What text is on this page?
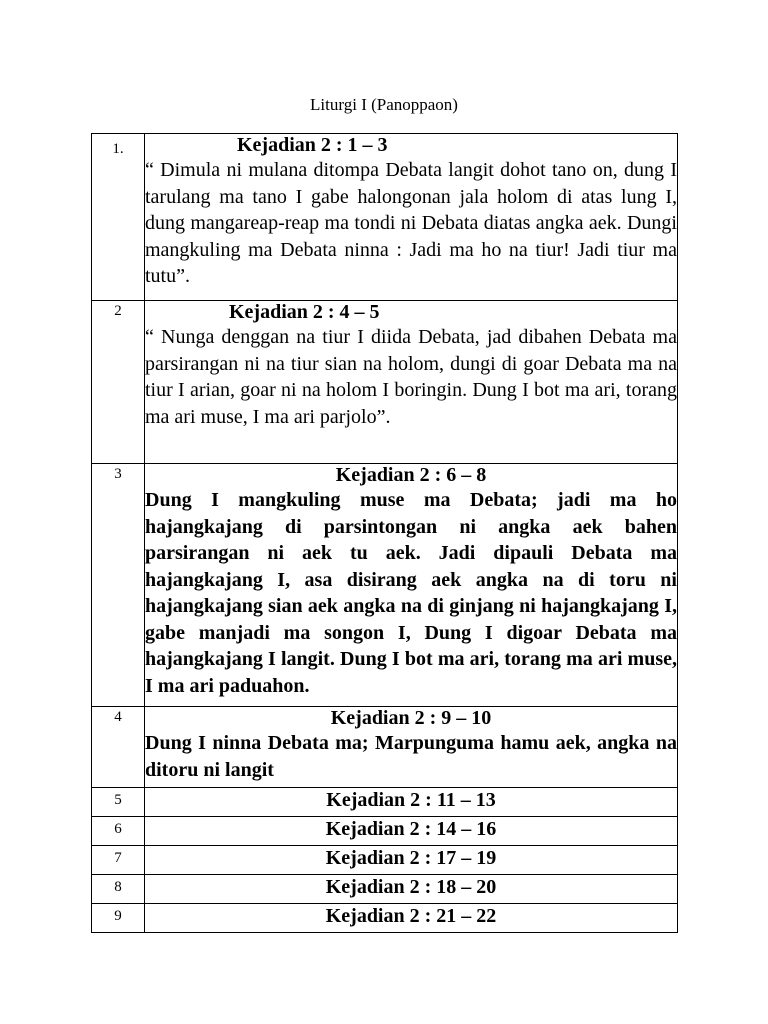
Liturgi I (Panoppaon)
1.	Kejadian 2 : 1 – 3
“ Dimula ni mulana ditompa Debata langit dohot tano on, dung I tarulang ma tano I gabe halongonan jala holom di atas lung I, dung mangareap-reap ma tondi ni Debata diatas angka aek. Dungi mangkuling ma Debata ninna : Jadi ma ho na tiur! Jadi tiur ma tutu”.

2	Kejadian 2 : 4 – 5
“ Nunga denggan na tiur I diida Debata, jad dibahen Debata ma parsirangan ni na tiur sian na holom, dungi di goar Debata ma na tiur I arian, goar ni na holom I boringin. Dung I bot ma ari, torang ma ari muse, I ma ari parjolo”.

3	Kejadian 2 : 6 – 8
Dung I mangkuling muse ma Debata; jadi ma ho hajangkajang di parsintongan ni angka aek bahen parsirangan ni aek tu aek. Jadi dipauli Debata ma hajangkajang I, asa disirang aek angka na di toru ni hajangkajang sian aek angka na di ginjang ni hajangkajang I, gabe manjadi ma songon I, Dung I digoar Debata ma hajangkajang I langit. Dung I bot ma ari, torang ma ari muse, I ma ari paduahon.

4	Kejadian 2 : 9 – 10
Dung I ninna Debata ma; Marpunguma hamu aek, angka na ditoru ni langit

5	Kejadian 2 : 11 – 13

6	Kejadian 2 : 14 – 16

7	Kejadian 2 : 17 – 19

8	Kejadian 2 : 18 – 20

9	Kejadian 2 : 21 – 22
